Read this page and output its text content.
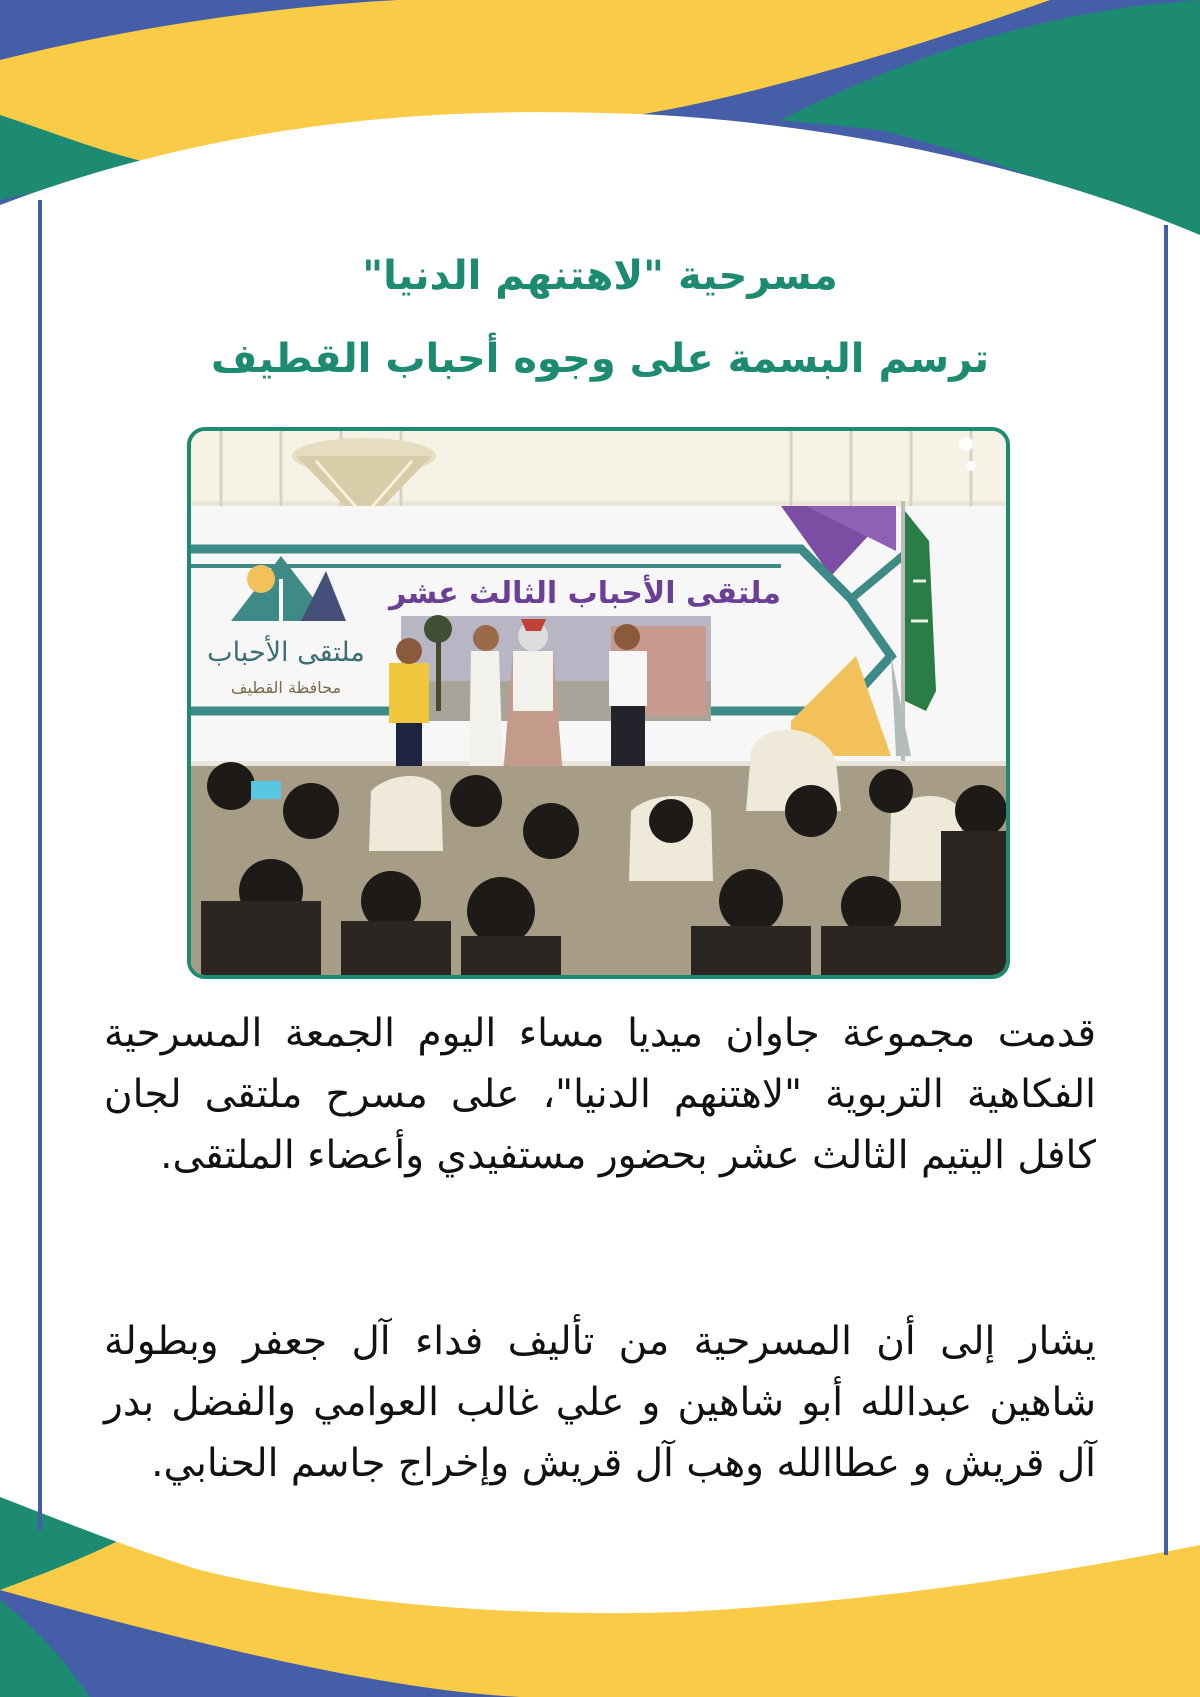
مسرحية "لاهتنهم الدنيا"
ترسم البسمة على وجوه أحباب القطيف
ملتقى الأحباب الثالث عشر
ملتقى الأحباب
محافظة القطيف

قدمت مجموعة جاوان ميديا مساء اليوم الجمعة المسرحية الفكاهية التربوية "لاهتنهم الدنيا"، على مسرح ملتقى لجان كافل اليتيم الثالث عشر بحضور مستفيدي وأعضاء الملتقى.

يشار إلى أن المسرحية من تأليف فداء آل جعفر وبطولة شاهين عبدالله أبو شاهين و علي غالب العوامي والفضل بدر آل قريش و عطاالله وهب آل قريش وإخراج جاسم الحنابي.
